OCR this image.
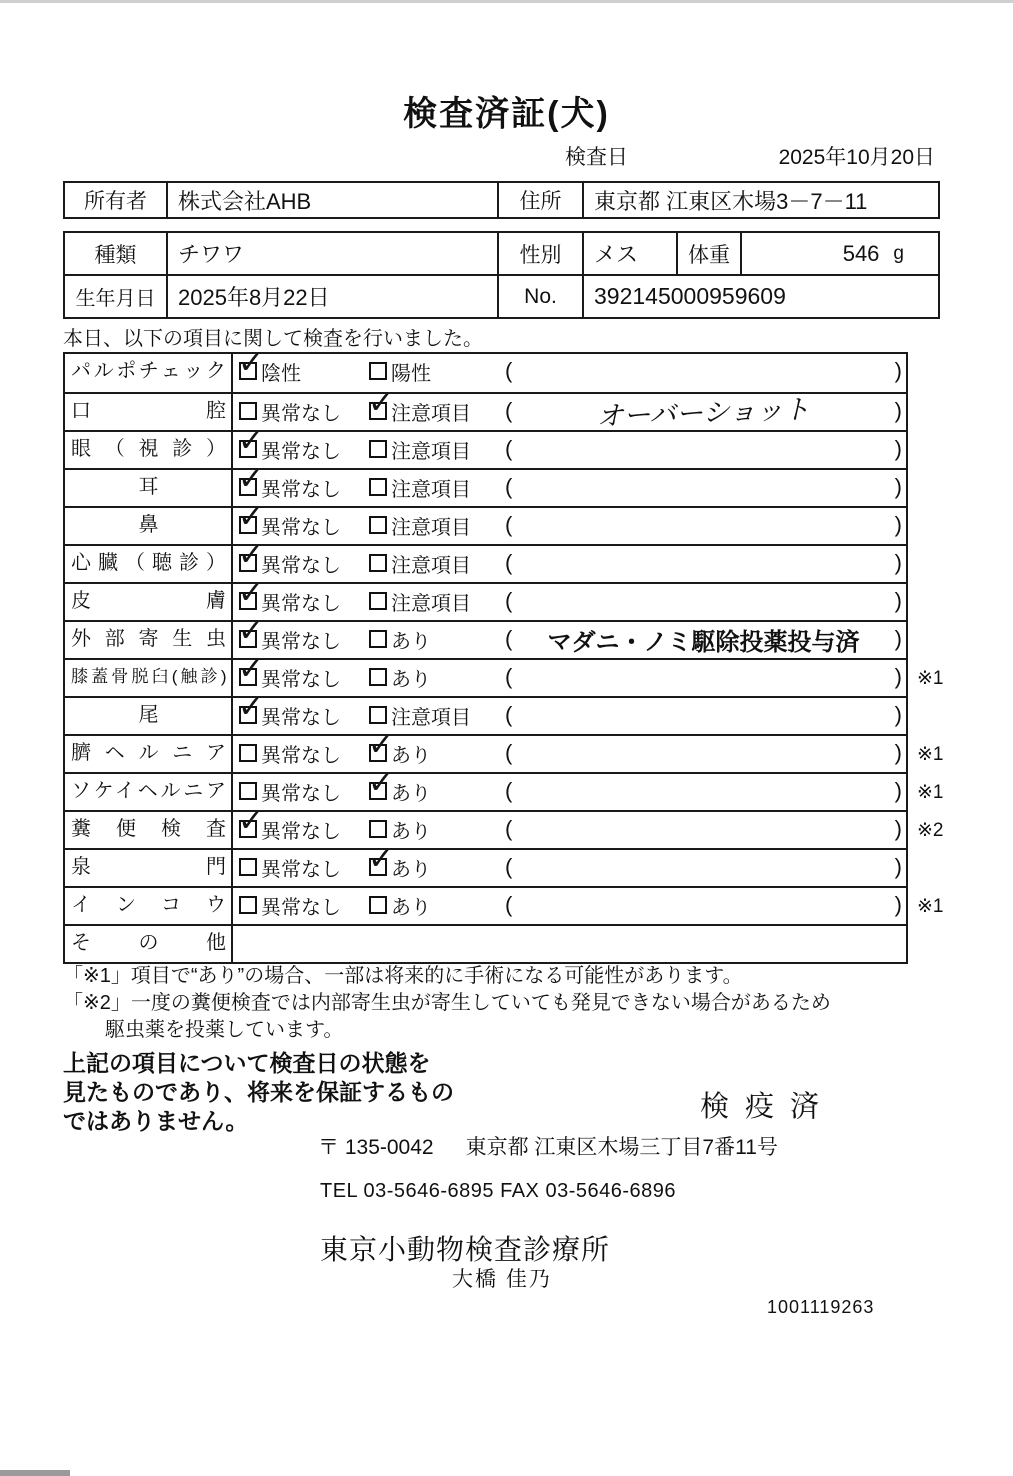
検査済証(犬)
検査日	2025年10月20日
所有者	株式会社AHB	住所	東京都 江東区木場3－7－11
種類	チワワ	性別	メス	体重	546 g
生年月日	2025年8月22日	No.	392145000959609
本日、以下の項目に関して検査を行いました。
パルポチェック ✓	陰性	陽性	(	)
口腔	異常なし ✓	注意項目 (	オーバーショット	)
眼（視診） ✓	異常なし	注意項目 (	)
耳 ✓	異常なし	注意項目 (	)
鼻 ✓	異常なし	注意項目 (	)
心臓（聴診） ✓	異常なし	注意項目 (	)
皮膚 ✓	異常なし	注意項目 (	)
外部寄生虫 ✓	異常なし	あり	(	マダニ・ノミ駆除投薬投与済	)
膝蓋骨脱臼(触診) ✓	異常なし	あり	(	) ※1
尾 ✓	異常なし	注意項目 (	)
臍ヘルニア	異常なし ✓	あり	(	) ※1
ソケイヘルニア	異常なし ✓	あり	(	) ※1
糞便検査 ✓	異常なし	あり	(	) ※2
泉門	異常なし ✓	あり	(	)
インコウ	異常なし	あり	(	) ※1
その他
「※1」項目で“あり”の場合、一部は将来的に手術になる可能性があります。
「※2」一度の糞便検査では内部寄生虫が寄生していても発見できない場合があるため
駆虫薬を投薬しています。
上記の項目について検査日の状態を
見たものであり、将来を保証するもの
ではありません。	検疫済
〒 135-0042 東京都 江東区木場三丁目7番11号
TEL 03-5646-6895 FAX 03-5646-6896
東京小動物検査診療所
大橋 佳乃
1001119263
